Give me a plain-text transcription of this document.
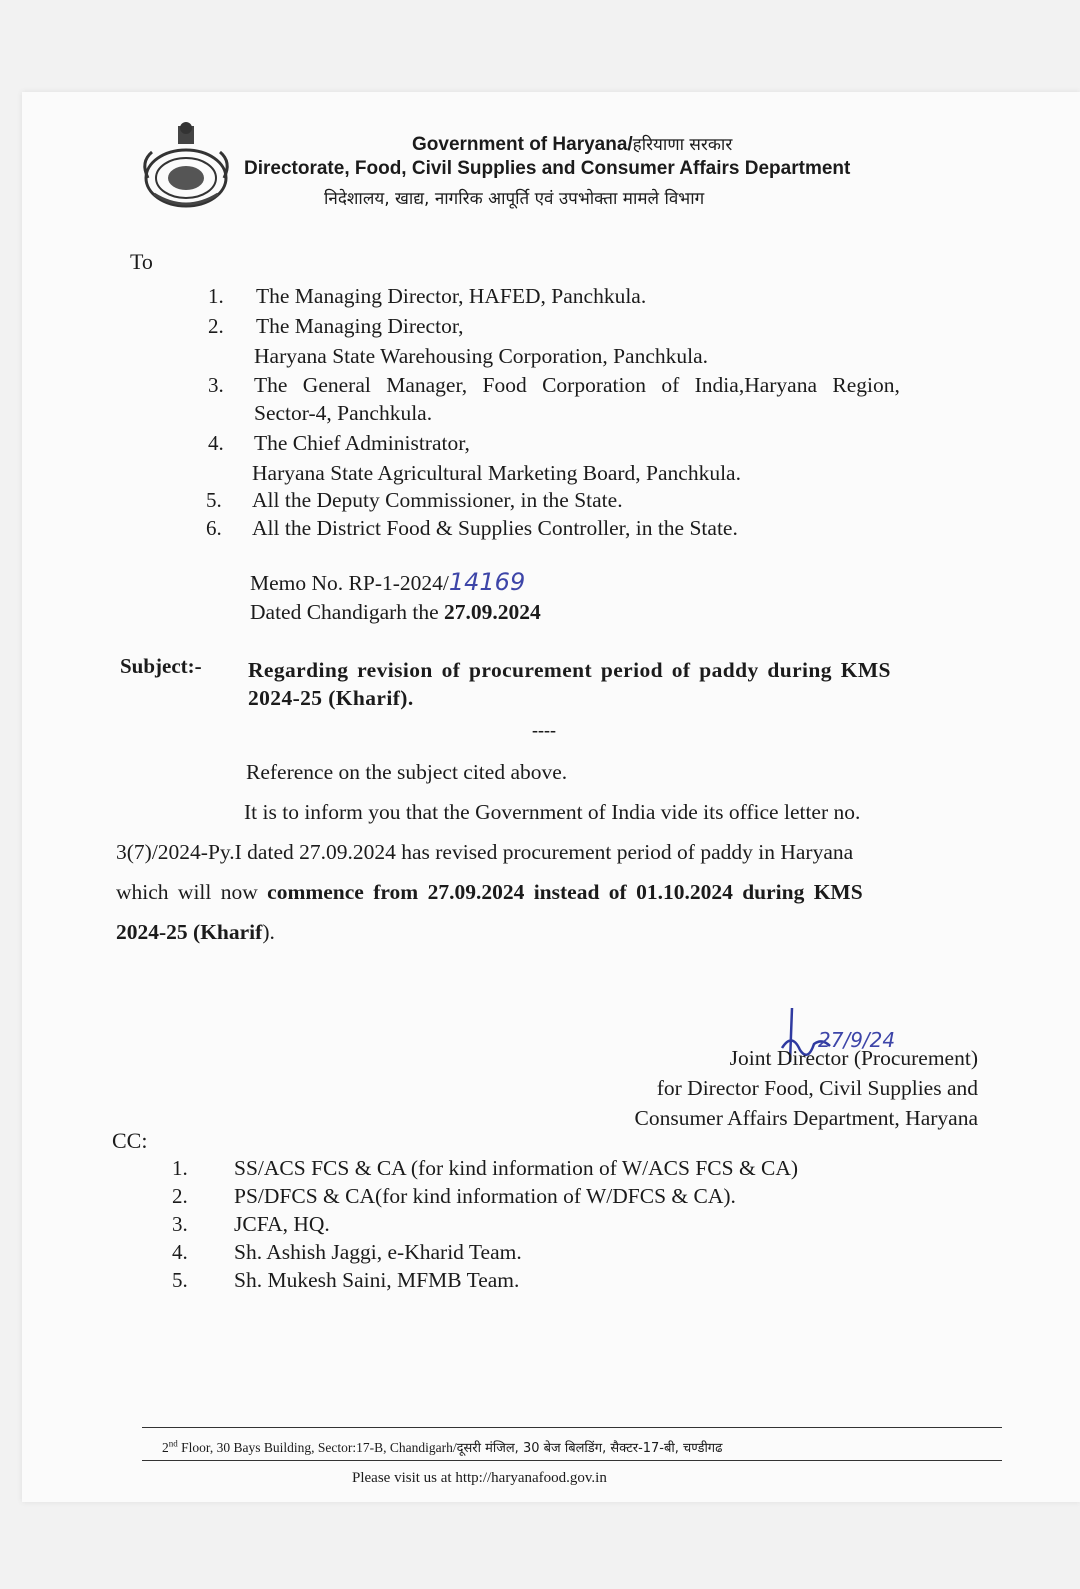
Government of Haryana/हरियाणा सरकार
Directorate, Food, Civil Supplies and Consumer Affairs Department
निदेशालय, खाद्य, नागरिक आपूर्ति एवं उपभोक्ता मामले विभाग
To
1. The Managing Director, HAFED, Panchkula.
2. The Managing Director,
Haryana State Warehousing Corporation, Panchkula.
3. The General Manager, Food Corporation of India,Haryana Region,
Sector-4, Panchkula.
4. The Chief Administrator,
Haryana State Agricultural Marketing Board, Panchkula.
5. All the Deputy Commissioner, in the State.
6. All the District Food & Supplies Controller, in the State.
Memo No. RP-1-2024/14169
Dated Chandigarh the 27.09.2024
Subject:- Regarding revision of procurement period of paddy during KMS
2024-25 (Kharif).
----
Reference on the subject cited above.
It is to inform you that the Government of India vide its office letter no.
3(7)/2024-Py.I dated 27.09.2024 has revised procurement period of paddy in Haryana
which will now commence from 27.09.2024 instead of 01.10.2024 during KMS
2024-25 (Kharif).
27/9/24
Joint Director (Procurement)
for Director Food, Civil Supplies and
Consumer Affairs Department, Haryana
CC:
1. SS/ACS FCS & CA (for kind information of W/ACS FCS & CA)
2. PS/DFCS & CA(for kind information of W/DFCS & CA).
3. JCFA, HQ.
4. Sh. Ashish Jaggi, e-Kharid Team.
5. Sh. Mukesh Saini, MFMB Team.
2nd Floor, 30 Bays Building, Sector:17-B, Chandigarh/दूसरी मंजिल, 30 बेज बिलडिंग, सैक्टर-17-बी, चण्डीगढ
Please visit us at http://haryanafood.gov.in
